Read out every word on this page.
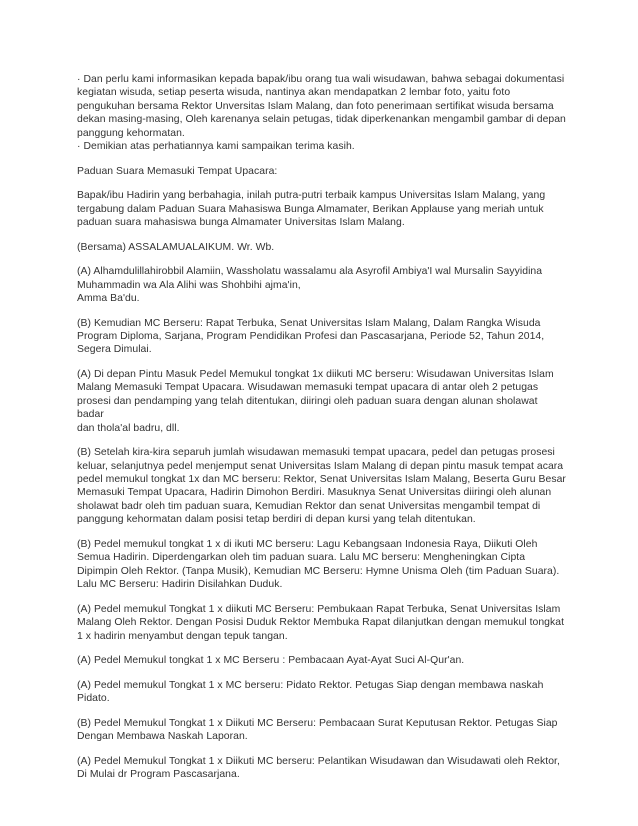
· Dan perlu kami informasikan kepada bapak/ibu orang tua wali wisudawan, bahwa sebagai dokumentasi
kegiatan wisuda, setiap peserta wisuda, nantinya akan mendapatkan 2 lembar foto, yaitu foto
pengukuhan bersama Rektor Unversitas Islam Malang, dan foto penerimaan sertifikat wisuda bersama
dekan masing-masing, Oleh karenanya selain petugas, tidak diperkenankan mengambil gambar di depan
panggung kehormatan.

· Demikian atas perhatiannya kami sampaikan terima kasih.

Paduan Suara Memasuki Tempat Upacara:

Bapak/ibu Hadirin yang berbahagia, inilah putra-putri terbaik kampus Universitas Islam Malang, yang
tergabung dalam Paduan Suara Mahasiswa Bunga Almamater, Berikan Applause yang meriah untuk
paduan suara mahasiswa bunga Almamater Universitas Islam Malang.

(Bersama) ASSALAMUALAIKUM. Wr. Wb.

(A) Alhamdulillahirobbil Alamiin, Wassholatu wassalamu ala Asyrofil Ambiya'I wal Mursalin Sayyidina
Muhammadin wa Ala Alihi was Shohbihi ajma'in,
Amma Ba'du.

(B) Kemudian MC Berseru: Rapat Terbuka, Senat Universitas Islam Malang, Dalam Rangka Wisuda
Program Diploma, Sarjana, Program Pendidikan Profesi dan Pascasarjana, Periode 52, Tahun 2014,
Segera Dimulai.

(A) Di depan Pintu Masuk Pedel Memukul tongkat 1x diikuti MC berseru: Wisudawan Universitas Islam
Malang Memasuki Tempat Upacara. Wisudawan memasuki tempat upacara di antar oleh 2 petugas
prosesi dan pendamping yang telah ditentukan, diiringi oleh paduan suara dengan alunan sholawat badar
dan thola'al badru, dll.

(B) Setelah kira-kira separuh jumlah wisudawan memasuki tempat upacara, pedel dan petugas prosesi
keluar, selanjutnya pedel menjemput senat Universitas Islam Malang di depan pintu masuk tempat acara
pedel memukul tongkat 1x dan MC berseru: Rektor, Senat Universitas Islam Malang, Beserta Guru Besar
Memasuki Tempat Upacara, Hadirin Dimohon Berdiri. Masuknya Senat Universitas diiringi oleh alunan
sholawat badr oleh tim paduan suara, Kemudian Rektor dan senat Universitas mengambil tempat di
panggung kehormatan dalam posisi tetap berdiri di depan kursi yang telah ditentukan.

(B) Pedel memukul tongkat 1 x di ikuti MC berseru: Lagu Kebangsaan Indonesia Raya, Diikuti Oleh
Semua Hadirin. Diperdengarkan oleh tim paduan suara. Lalu MC berseru: Mengheningkan Cipta
Dipimpin Oleh Rektor. (Tanpa Musik), Kemudian MC Berseru: Hymne Unisma Oleh (tim Paduan Suara).
Lalu MC Berseru: Hadirin Disilahkan Duduk.

(A) Pedel memukul Tongkat 1 x diikuti MC Berseru: Pembukaan Rapat Terbuka, Senat Universitas Islam
Malang Oleh Rektor. Dengan Posisi Duduk Rektor Membuka Rapat dilanjutkan dengan memukul tongkat
1 x hadirin menyambut dengan tepuk tangan.

(A) Pedel Memukul tongkat 1 x MC Berseru : Pembacaan Ayat-Ayat Suci Al-Qur'an.

(A) Pedel memukul Tongkat 1 x MC berseru: Pidato Rektor. Petugas Siap dengan membawa naskah
Pidato.

(B) Pedel Memukul Tongkat 1 x Diikuti MC Berseru: Pembacaan Surat Keputusan Rektor. Petugas Siap
Dengan Membawa Naskah Laporan.

(A) Pedel Memukul Tongkat 1 x Diikuti MC berseru: Pelantikan Wisudawan dan Wisudawati oleh Rektor,
Di Mulai dr Program Pascasarjana.
